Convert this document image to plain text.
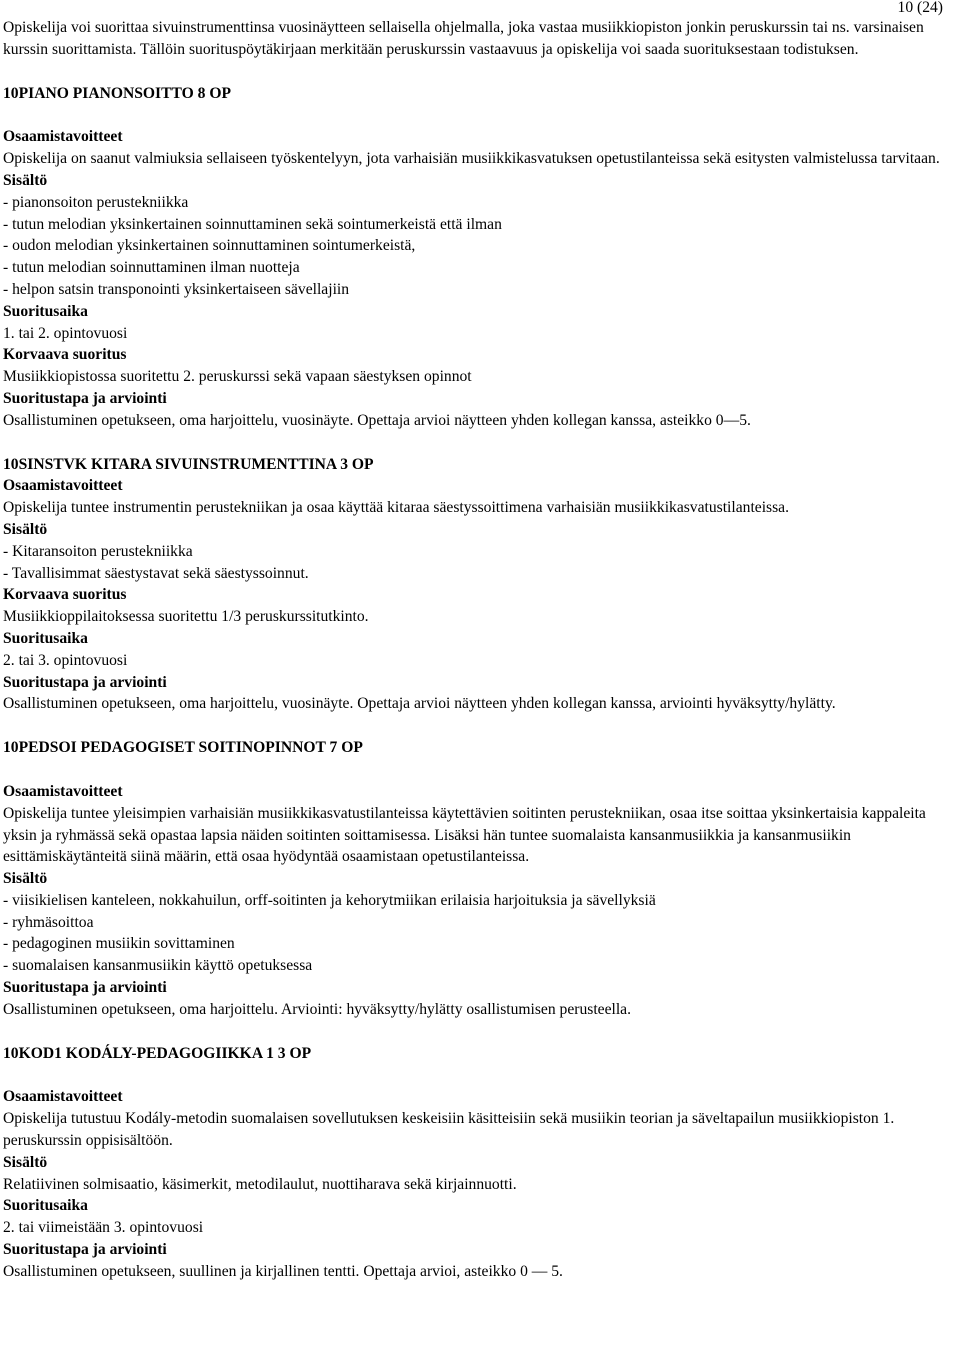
10 (24)

Opiskelija voi suorittaa sivuinstrumenttinsa vuosinäytteen sellaisella ohjelmalla, joka vastaa musiikkiopiston jonkin peruskurssin tai ns. varsinaisen kurssin suorittamista. Tällöin suorituspöytäkirjaan merkitään peruskurssin vastaavuus ja opiskelija voi saada suorituksestaan todistuksen.

10PIANO PIANONSOITTO 8 OP

Osaamistavoitteet

Opiskelija on saanut valmiuksia sellaiseen työskentelyyn, jota varhaisiän musiikkikasvatuksen opetustilanteissa sekä esitysten valmistelussa tarvitaan.

Sisältö

- pianonsoiton perustekniikka

- tutun melodian yksinkertainen soinnuttaminen sekä sointumerkeistä että ilman

- oudon melodian yksinkertainen soinnuttaminen sointumerkeistä,

- tutun melodian soinnuttaminen ilman nuotteja

- helpon satsin transponointi yksinkertaiseen sävellajiin

Suoritusaika

1. tai 2. opintovuosi

Korvaava suoritus

Musiikkiopistossa suoritettu 2. peruskurssi sekä vapaan säestyksen opinnot

Suoritustapa ja arviointi

Osallistuminen opetukseen, oma harjoittelu, vuosinäyte. Opettaja arvioi näytteen yhden kollegan kanssa, asteikko 0—5.

10SINSTVK KITARA SIVUINSTRUMENTTINA 3 OP

Osaamistavoitteet

Opiskelija tuntee instrumentin perustekniikan ja osaa käyttää kitaraa säestyssoittimena varhaisiän musiikkikasvatustilanteissa.

Sisältö

- Kitaransoiton perustekniikka

- Tavallisimmat säestystavat sekä säestyssoinnut.

Korvaava suoritus

Musiikkioppilaitoksessa suoritettu 1/3 peruskurssitutkinto.

Suoritusaika

2. tai 3. opintovuosi

Suoritustapa ja arviointi

Osallistuminen opetukseen, oma harjoittelu, vuosinäyte. Opettaja arvioi näytteen yhden kollegan kanssa, arviointi hyväksytty/hylätty.

10PEDSOI PEDAGOGISET SOITINOPINNOT 7 OP

Osaamistavoitteet

Opiskelija tuntee yleisimpien varhaisiän musiikkikasvatustilanteissa käytettävien soitinten perustekniikan, osaa itse soittaa yksinkertaisia kappaleita yksin ja ryhmässä sekä opastaa lapsia näiden soitinten soittamisessa. Lisäksi hän tuntee suomalaista kansanmusiikkia ja kansanmusiikin esittämiskäytänteitä siinä määrin, että osaa hyödyntää osaamistaan opetustilanteissa.

Sisältö

- viisikielisen kanteleen, nokkahuilun, orff-soitinten ja kehorytmiikan erilaisia harjoituksia ja sävellyksiä

- ryhmäsoittoa

- pedagoginen musiikin sovittaminen

- suomalaisen kansanmusiikin käyttö opetuksessa

Suoritustapa ja arviointi

Osallistuminen opetukseen, oma harjoittelu. Arviointi: hyväksytty/hylätty osallistumisen perusteella.

10KOD1 KODÁLY-PEDAGOGIIKKA 1 3 OP

Osaamistavoitteet

Opiskelija tutustuu Kodály-metodin suomalaisen sovellutuksen keskeisiin käsitteisiin sekä musiikin teorian ja säveltapailun musiikkiopiston 1. peruskurssin oppisisältöön.

Sisältö

Relatiivinen solmisaatio, käsimerkit, metodilaulut, nuottiharava sekä kirjainnuotti.

Suoritusaika

2. tai viimeistään 3. opintovuosi

Suoritustapa ja arviointi

Osallistuminen opetukseen, suullinen ja kirjallinen tentti. Opettaja arvioi, asteikko 0 — 5.
